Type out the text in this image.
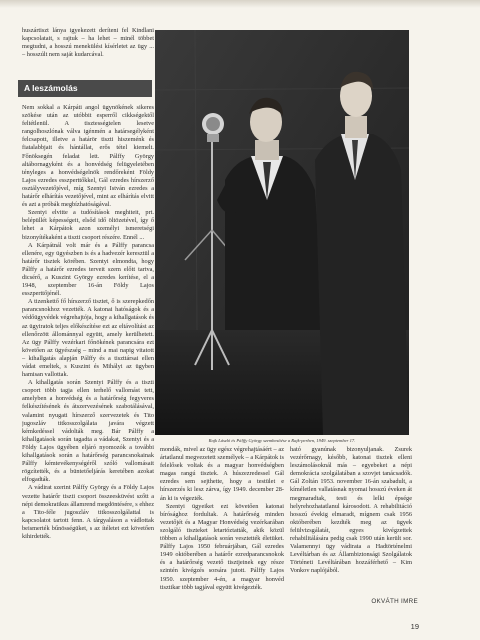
huszártiszt lánya igyekezett deríteni fel Kindlani kapcsolatait, s rajtuk – ha lehet – minél többet megtudni, a hosszú menekülési kísérletet az ügy ... – hosszúlt nem saját kudarcával.

A leszámolás

Nem sokkal a Kárpáti angol ügynökének sikeres szökése után az utóbbit esperről cikkségektől feltétlenül. A tisztességtelen lesetve rangolhoszlónak válva igénmén a határsegélyként felcsapott, illetve a határör tiszti hiszeménk és fiatalabbjait és hántállat, erős tétel kiemelt. Főnöksegén feladat lett. Pálffy György altábornagyként és a honvédség felügyeletében tényleges a honvédségelnök rendőreként Földy Lajos ezredes esszperttőkkel, Gál ezredes hírszerző osztályvezetőjével, míg Szentyi István ezredes a határőr elhárítás vezetőjével, mint az elhárítás elvitt és azt a próbák megbízhatóságával.

Szentyi elvitte a tudósítások meghiteit, prt. belépüllét képességeit, elsőd idő öltözetével, így ő lehet a Kárpátok azon személyi ismeretségi bizonyítékaként a tiszti csoport részére. Ennél ...

A Kárpátnál volt már és a Pálffy parancsa ellenére, egy ügyészben is és a hadvezér keresztül a határőr tisztek körében. Szentyi elmondta, hogy Pálffy a határőr ezredes terveit szem előtt tartva, dicsérő, a Kuszint György ezredes kerítése, el a 1948, szeptember 16-án Földy Lajos esszperttőjénél.

A tizenkettő fő hírszerző tisztet, ő is szerepkedőn parancsnokhoz vezették. A katonai hatóságok és a védőügyvédek végrehajtója, hogy a kihallgatások és az ügyiratok teljes előkészítése ezt az eltávolítást az ellenőrzött állománnyal együtt, amely kerülhetett. Az ügy Pálffy vezérkari főnökének parancsára ezt követően az ügyészség – mind a mai napig vitatott – kihallgatás alapján Pálffy és a tiszttársai ellen vádat emeltek, s Kuszint és Mihályi az ügyben hamisan vallottak.

A kihallgatás során Szentyi Pálffy és a tiszti csoport több tagja ellen terhelő vallomást tett, amelyben a honvédség és a határőrség fegyveres felkészítésének és átszervezésének szabotálásával, valamint nyugati hírszerző szervezetek és Tito jugoszláv titkosszolgálata javára végzett kémkedéssel vádolták meg. Bár Pálffy a kihallgatások során tagadta a vádakat, Szentyi és a Földy Lajos ügyében eljáró nyomozók a további kihallgatások során a határőrség parancsnokainak Pálffy kémtevékenységéről szóló vallomásait rögzítették, és a büntetőeljárás keretében azokat elfogadták.

A vádirat szerint Pálffy György és a Földy Lajos vezette határőr tiszti csoport összeesküvést szőtt a népi demokratikus államrend megdöntésére, s ehhez a Tito-féle jugoszláv titkosszolgálattal is kapcsolatot tartott fenn. A tárgyaláson a vádlottak beismerték bűnösségüket, s az ítéletet ezt követően kihirdették.

Rajk László és Pálffy György szembesítése a Rajk-perben, 1949. szeptember 17.

mondák, mivel az ügy egész végrehajtásáért – az ártatlanul megvezetett személyek – a Kárpátok is felelősek voltak és a magyar honvédségben magas rangú tisztek. A húszezredessel Gál ezredes sem sejthette, hogy a testület e hírszerzés ki lesz zárva, így 1949. december 28-án ki is végezték.

Szentyi ügyeiket ezt követően katonai bírósághoz fordultak. A határőrség minden vezetőjét és a Magyar Honvédség vezérkarában szolgáló tiszteket letartóztatták, akik közül többen a kihallgatások során vesztették életüket. Pálffy Lajos 1950 februárjában, Gál ezredes 1949 októberében a határőr ezredparancsnokok és a határőrség vezető tisztjeinek egy része szintén kivégzés sorsára jutott. Pálffy Lajos 1950. szeptember 4-én, a magyar honvéd tisztikar több tagjával együtt kivégezték.

ható gyanúnak bizonyuljanak. Zsurek vezérőrnagy, később, katonai tisztek elleni leszámolásoknál más – egyebeket a népi demokrácia szolgálatában a szovjet tanácsadók. Gál Zoltán 1953. november 16-án szabadult, a kíméletlen vallatásnak nyomai hosszú éveken át megmaradtak, testi és lelki épsége helyrehozhatatlanul károsodott. A rehabilitáció hosszú évekig elmaradt, mígnem csak 1956 októberében kezdték meg az ügyek felülvizsgálatát, egyes kivégzettek rehabilitálására pedig csak 1990 után került sor. Valamennyi ügy vádirata a Hadtörténelmi Levéltárban és az Állambiztonsági Szolgálatok Történeti Levéltárában hozzáférhető – Kim Vonkov naplójából.

OKVÁTH IMRE
19
